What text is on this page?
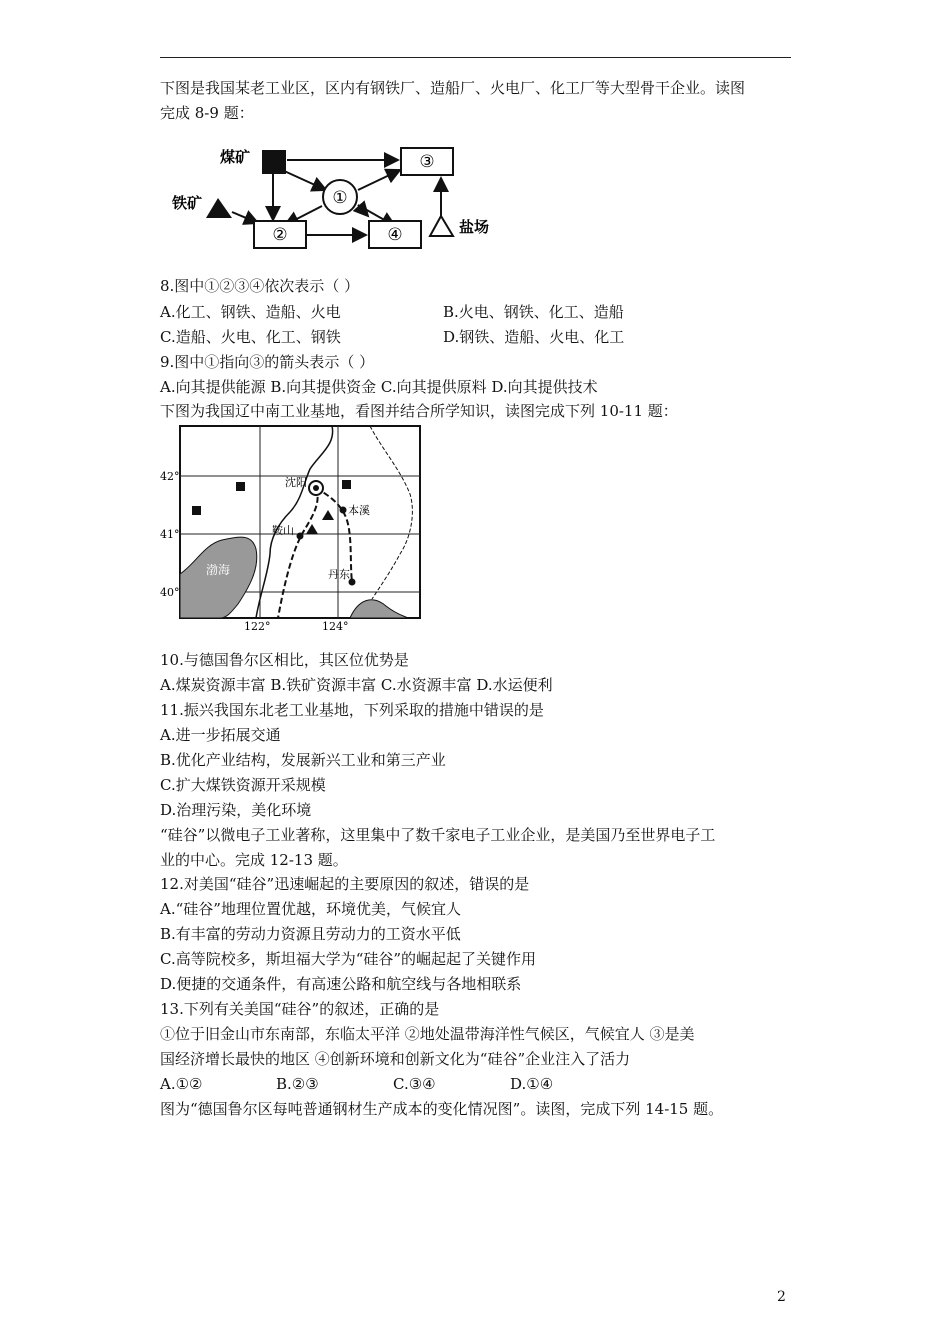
下图是我国某老工业区，区内有钢铁厂、造船厂、火电厂、化工厂等大型骨干企业。读图
完成 8-9 题：
煤矿
铁矿	①
②
③
④	盐场
8.图中①②③④依次表示（ ）
A.化工、钢铁、造船、火电	B.火电、钢铁、化工、造船
C.造船、火电、化工、钢铁	D.钢铁、造船、火电、化工
9.图中①指向③的箭头表示（ ）
A.向其提供能源 B.向其提供资金 C.向其提供原料 D.向其提供技术
下图为我国辽中南工业基地，看图并结合所学知识，读图完成下列 10-11 题：
沈阳
本溪
鞍山
丹东
渤海
42°
41°
40°
122°	124°
10.与德国鲁尔区相比，其区位优势是
A.煤炭资源丰富 B.铁矿资源丰富 C.水资源丰富 D.水运便利
11.振兴我国东北老工业基地，下列采取的措施中错误的是
A.进一步拓展交通
B.优化产业结构，发展新兴工业和第三产业
C.扩大煤铁资源开采规模
D.治理污染，美化环境
“硅谷”以微电子工业著称，这里集中了数千家电子工业企业，是美国乃至世界电子工
业的中心。完成 12-13 题。
12.对美国“硅谷”迅速崛起的主要原因的叙述，错误的是
A.“硅谷”地理位置优越，环境优美，气候宜人
B.有丰富的劳动力资源且劳动力的工资水平低
C.高等院校多，斯坦福大学为“硅谷”的崛起起了关键作用
D.便捷的交通条件，有高速公路和航空线与各地相联系
13.下列有关美国“硅谷”的叙述，正确的是
①位于旧金山市东南部，东临太平洋 ②地处温带海洋性气候区，气候宜人 ③是美
国经济增长最快的地区 ④创新环境和创新文化为“硅谷”企业注入了活力
A.①②	B.②③	C.③④	D.①④
图为“德国鲁尔区每吨普通钢材生产成本的变化情况图”。读图，完成下列 14-15 题。
2
